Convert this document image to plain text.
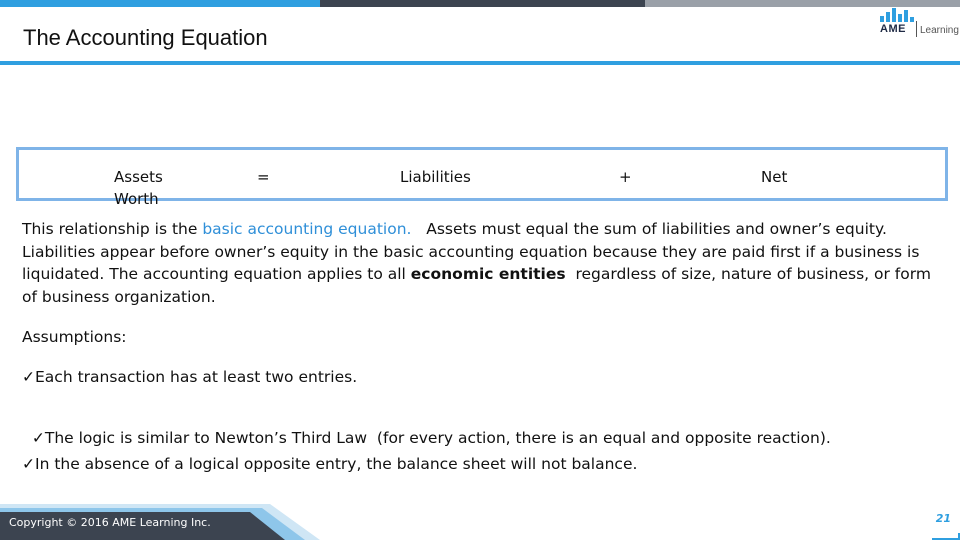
The Accounting Equation	AME Learning
Assets
Worth
=	Liabilities	+	Net
This relationship is the basic accounting equation.   Assets must equal the sum of liabilities and owner’s equity. Liabilities appear before owner’s equity in the basic accounting equation because they are paid first if a business is liquidated. The accounting equation applies to all economic entities  regardless of size, nature of business, or form of business organization.
Assumptions:
✓Each transaction has at least two entries.

✓The logic is similar to Newton’s Third Law  (for every action, there is an equal and opposite reaction).

✓In the absence of a logical opposite entry, the balance sheet will not balance.
Copyright © 2016 AME Learning Inc.	21
